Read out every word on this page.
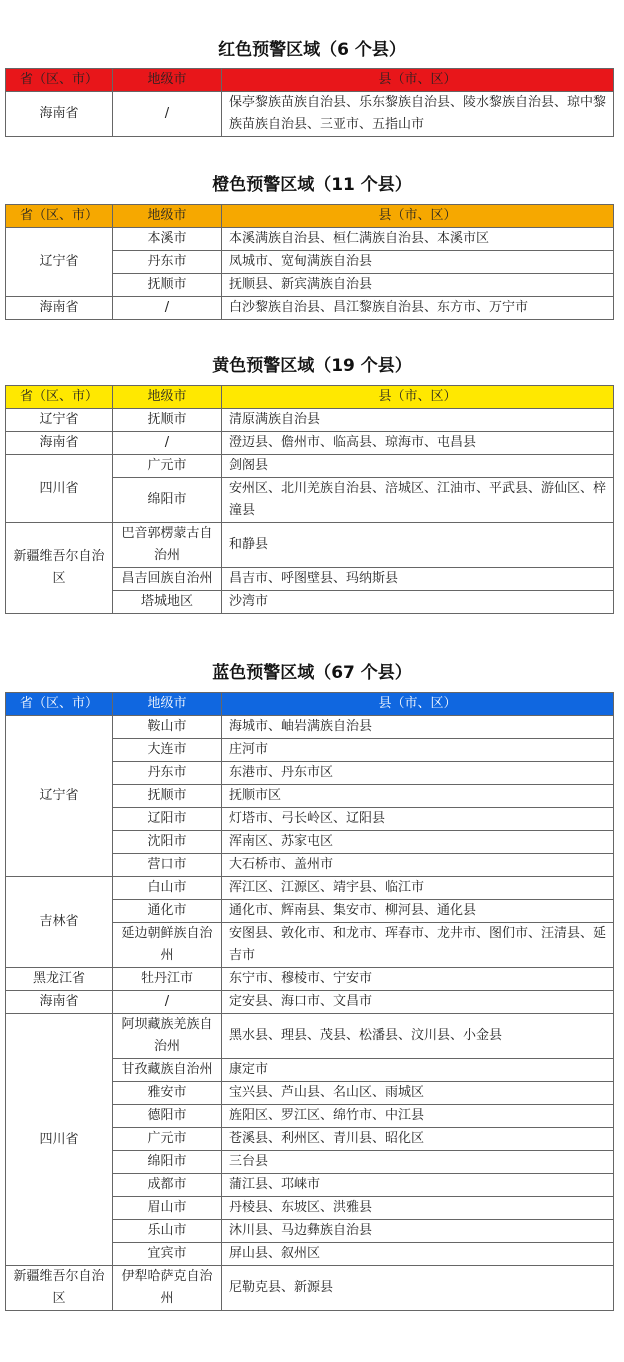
红色预警区域（6 个县）
省（区、市）	地级市	县（市、区）
海南省	/	保亭黎族苗族自治县、乐东黎族自治县、陵水黎族自治县、琼中黎族苗族自治县、三亚市、五指山市
橙色预警区域（11 个县）
省（区、市）	地级市	县（市、区）
辽宁省	本溪市	本溪满族自治县、桓仁满族自治县、本溪市区
	丹东市	凤城市、宽甸满族自治县
	抚顺市	抚顺县、新宾满族自治县
海南省	/	白沙黎族自治县、昌江黎族自治县、东方市、万宁市
黄色预警区域（19 个县）
省（区、市）	地级市	县（市、区）
辽宁省	抚顺市	清原满族自治县
海南省	/	澄迈县、儋州市、临高县、琼海市、屯昌县
四川省	广元市	剑阁县
	绵阳市	安州区、北川羌族自治县、涪城区、江油市、平武县、游仙区、梓潼县
新疆维吾尔自治区	巴音郭楞蒙古自治州	和静县
	昌吉回族自治州	昌吉市、呼图壁县、玛纳斯县
	塔城地区	沙湾市
蓝色预警区域（67 个县）
省（区、市）	地级市	县（市、区）
辽宁省	鞍山市	海城市、岫岩满族自治县
	大连市	庄河市
	丹东市	东港市、丹东市区
	抚顺市	抚顺市区
	辽阳市	灯塔市、弓长岭区、辽阳县
	沈阳市	浑南区、苏家屯区
	营口市	大石桥市、盖州市
吉林省	白山市	浑江区、江源区、靖宇县、临江市
	通化市	通化市、辉南县、集安市、柳河县、通化县
	延边朝鲜族自治州	安图县、敦化市、和龙市、珲春市、龙井市、图们市、汪清县、延吉市
黑龙江省	牡丹江市	东宁市、穆棱市、宁安市
海南省	/	定安县、海口市、文昌市
四川省	阿坝藏族羌族自治州	黑水县、理县、茂县、松潘县、汶川县、小金县
	甘孜藏族自治州	康定市
	雅安市	宝兴县、芦山县、名山区、雨城区
	德阳市	旌阳区、罗江区、绵竹市、中江县
	广元市	苍溪县、利州区、青川县、昭化区
	绵阳市	三台县
	成都市	蒲江县、邛崃市
	眉山市	丹棱县、东坡区、洪雅县
	乐山市	沐川县、马边彝族自治县
	宜宾市	屏山县、叙州区
新疆维吾尔自治区	伊犁哈萨克自治州	尼勒克县、新源县
